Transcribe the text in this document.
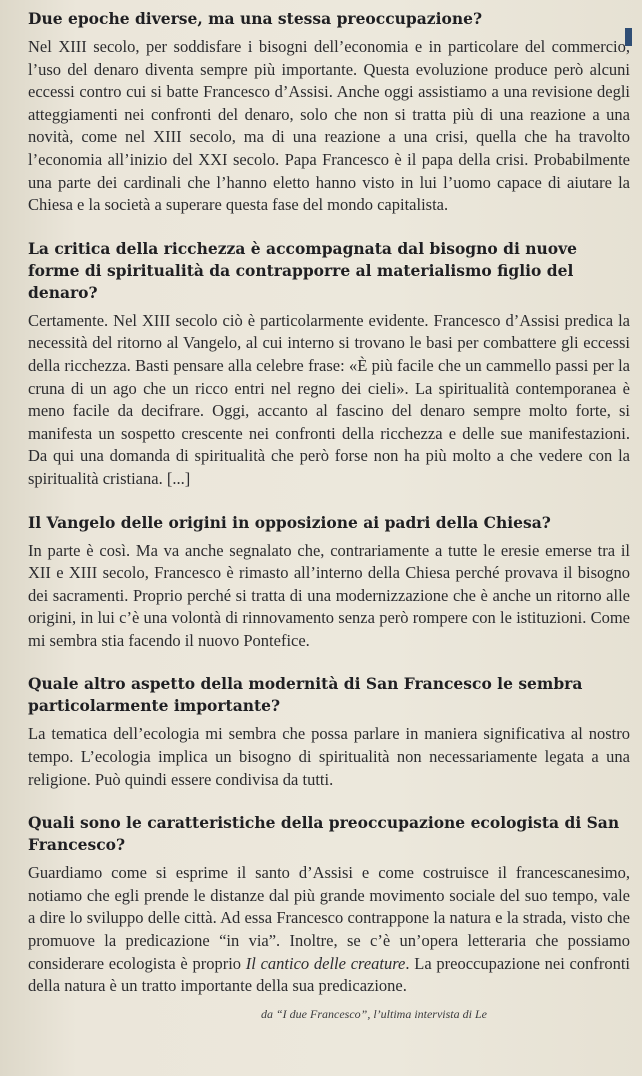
Due epoche diverse, ma una stessa preoccupazione?

Nel XIII secolo, per soddisfare i bisogni dell’economia e in particolare del commercio, l’uso del denaro diventa sempre più importante. Questa evoluzione produce però alcuni eccessi contro cui si batte Francesco d’Assisi. Anche oggi assistiamo a una revisione degli atteggiamenti nei confronti del denaro, solo che non si tratta più di una reazione a una novità, come nel XIII secolo, ma di una reazione a una crisi, quella che ha travolto l’economia all’inizio del XXI secolo. Papa Francesco è il papa della crisi. Probabilmente una parte dei cardinali che l’hanno eletto hanno visto in lui l’uomo capace di aiutare la Chiesa e la società a superare questa fase del mondo capitalista.

La critica della ricchezza è accompagnata dal bisogno di nuove forme di spiritualità da contrapporre al materialismo figlio del denaro?

Certamente. Nel XIII secolo ciò è particolarmente evidente. Francesco d’Assisi predica la necessità del ritorno al Vangelo, al cui interno si trovano le basi per combattere gli eccessi della ricchezza. Basti pensare alla celebre frase: «È più facile che un cammello passi per la cruna di un ago che un ricco entri nel regno dei cieli». La spiritualità contemporanea è meno facile da decifrare. Oggi, accanto al fascino del denaro sempre molto forte, si manifesta un sospetto crescente nei confronti della ricchezza e delle sue manifestazioni. Da qui una domanda di spiritualità che però forse non ha più molto a che vedere con la spiritualità cristiana. [...]

Il Vangelo delle origini in opposizione ai padri della Chiesa?

In parte è così. Ma va anche segnalato che, contrariamente a tutte le eresie emerse tra il XII e XIII secolo, Francesco è rimasto all’interno della Chiesa perché provava il bisogno dei sacramenti. Proprio perché si tratta di una modernizzazione che è anche un ritorno alle origini, in lui c’è una volontà di rinnovamento senza però rompere con le istituzioni. Come mi sembra stia facendo il nuovo Pontefice.

Quale altro aspetto della modernità di San Francesco le sembra particolarmente importante?

La tematica dell’ecologia mi sembra che possa parlare in maniera significativa al nostro tempo. L’ecologia implica un bisogno di spiritualità non necessariamente legata a una religione. Può quindi essere condivisa da tutti.

Quali sono le caratteristiche della preoccupazione ecologista di San Francesco?

Guardiamo come si esprime il santo d’Assisi e come costruisce il francescanesimo, notiamo che egli prende le distanze dal più grande movimento sociale del suo tempo, vale a dire lo sviluppo delle città. Ad essa Francesco contrappone la natura e la strada, visto che promuove la predicazione “in via”. Inoltre, se c’è un’opera letteraria che possiamo considerare ecologista è proprio Il cantico delle creature. La preoccupazione nei confronti della natura è un tratto importante della sua predicazione.

da “I due Francesco”, l’ultima intervista di Le
